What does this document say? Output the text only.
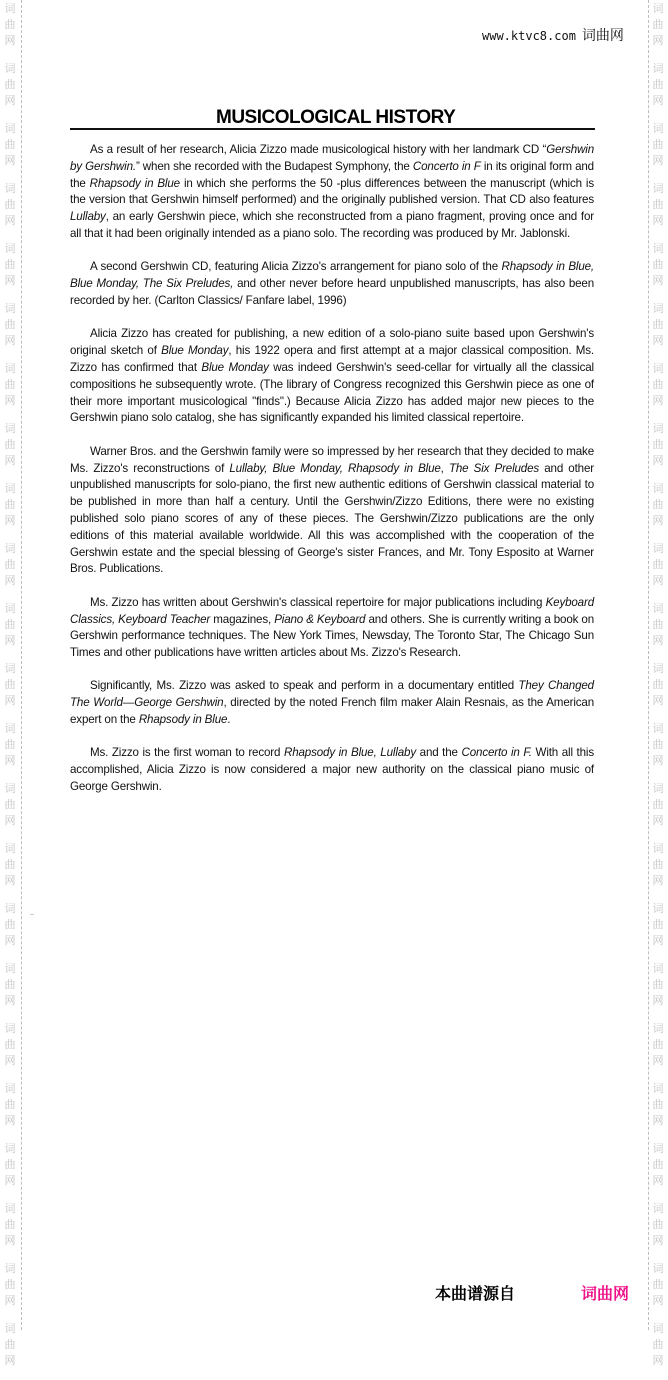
词
曲
网
词
曲
网
词
曲
网
词
曲
网
词
曲
网
词
曲
网
词
曲
网
词
曲
网
词
曲
网
词
曲
网
词
曲
网
词
曲
网
词
曲
网
词
曲
网
词
曲
网
词
曲
网
词
曲
网
词
曲
网
词
曲
网
词
曲
网
词
曲
网
词
曲
网
词
曲
网
词
曲
网
词
曲
网
词
曲
网
词
曲
网
词
曲
网
词
曲
网
词
曲
网
词
曲
网
词
曲
网
词
曲
网
词
曲
网
词
曲
网
词
曲
网
词
曲
网
词
曲
网
词
曲
网
词
曲
网
词
曲
网
词
曲
网
词
曲
网
词
曲
网
词
曲
网
词
曲
网
www.ktvc8.com 词曲网
MUSICOLOGICAL HISTORY

As a result of her research, Alicia Zizzo made musicological history with her landmark CD “Gershwin by Gershwin.” when she recorded with the Budapest Symphony, the Concerto in F in its original form and the Rhapsody in Blue in which she performs the 50 -plus differences between the manuscript (which is the version that Gershwin himself performed) and the originally published version. That CD also features Lullaby, an early Gershwin piece, which she reconstructed from a piano fragment, proving once and for all that it had been originally intended as a piano solo. The recording was produced by Mr. Jablonski.

A second Gershwin CD, featuring Alicia Zizzo's arrangement for piano solo of the Rhapsody in Blue, Blue Monday, The Six Preludes, and other never before heard unpublished manuscripts, has also been recorded by her. (Carlton Classics/ Fanfare label, 1996)

Alicia Zizzo has created for publishing, a new edition of a solo-piano suite based upon Gershwin's original sketch of Blue Monday, his 1922 opera and first attempt at a major classical composition. Ms. Zizzo has confirmed that Blue Monday was indeed Gershwin's seed-cellar for virtually all the classical compositions he subsequently wrote. (The library of Congress recognized this Gershwin piece as one of their more important musicological "finds".) Because Alicia Zizzo has added major new pieces to the Gershwin piano solo catalog, she has significantly expanded his limited classical repertoire.

Warner Bros. and the Gershwin family were so impressed by her research that they decided to make Ms. Zizzo's reconstructions of Lullaby, Blue Monday, Rhapsody in Blue, The Six Preludes and other unpublished manuscripts for solo-piano, the first new authentic editions of Gershwin classical material to be published in more than half a century. Until the Gershwin/Zizzo Editions, there were no existing published solo piano scores of any of these pieces. The Gershwin/Zizzo publications are the only editions of this material available worldwide. All this was accomplished with the cooperation of the Gershwin estate and the special blessing of George's sister Frances, and Mr. Tony Esposito at Warner Bros. Publications.

Ms. Zizzo has written about Gershwin's classical repertoire for major publications including Keyboard Classics, Keyboard Teacher magazines, Piano & Keyboard and others. She is currently writing a book on Gershwin performance techniques. The New York Times, Newsday, The Toronto Star, The Chicago Sun Times and other publications have written articles about Ms. Zizzo's Research.

Significantly, Ms. Zizzo was asked to speak and perform in a documentary entitled They Changed The World—George Gershwin, directed by the noted French film maker Alain Resnais, as the American expert on the Rhapsody in Blue.

Ms. Zizzo is the first woman to record Rhapsody in Blue, Lullaby and the Concerto in F. With all this accomplished, Alicia Zizzo is now considered a major new authority on the classical piano music of George Gershwin.

本曲谱源自	词曲网
